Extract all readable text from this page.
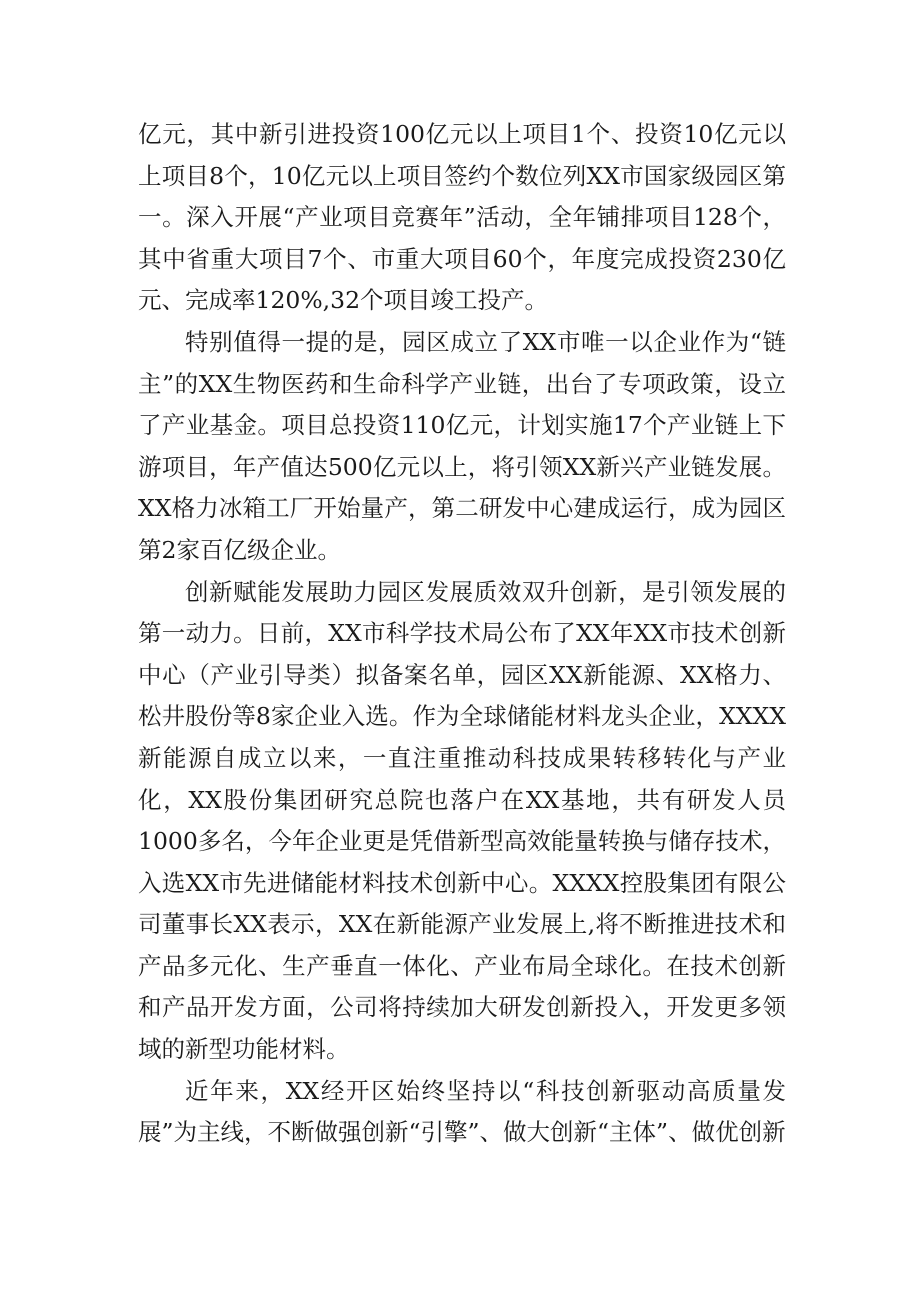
亿元，其中新引进投资100亿元以上项目1个、投资10亿元以上项目8个，10亿元以上项目签约个数位列XX市国家级园区第一。深入开展“产业项目竞赛年”活动，全年铺排项目128个，其中省重大项目7个、市重大项目60个，年度完成投资230亿元、完成率120%,32个项目竣工投产。

特别值得一提的是，园区成立了XX市唯一以企业作为“链主”的XX生物医药和生命科学产业链，出台了专项政策，设立了产业基金。项目总投资110亿元，计划实施17个产业链上下游项目，年产值达500亿元以上，将引领XX新兴产业链发展。XX格力冰箱工厂开始量产，第二研发中心建成运行，成为园区第2家百亿级企业。

创新赋能发展助力园区发展质效双升创新，是引领发展的第一动力。日前，XX市科学技术局公布了XX年XX市技术创新中心（产业引导类）拟备案名单，园区XX新能源、XX格力、松井股份等8家企业入选。作为全球储能材料龙头企业，XXXX新能源自成立以来，一直注重推动科技成果转移转化与产业化，XX股份集团研究总院也落户在XX基地，共有研发人员1000多名，今年企业更是凭借新型高效能量转换与储存技术，入选XX市先进储能材料技术创新中心。XXXX控股集团有限公司董事长XX表示，XX在新能源产业发展上,将不断推进技术和产品多元化、生产垂直一体化、产业布局全球化。在技术创新和产品开发方面，公司将持续加大研发创新投入，开发更多领域的新型功能材料。

近年来，XX经开区始终坚持以“科技创新驱动高质量发展”为主线，不断做强创新“引擎”、做大创新“主体”、做优创新
